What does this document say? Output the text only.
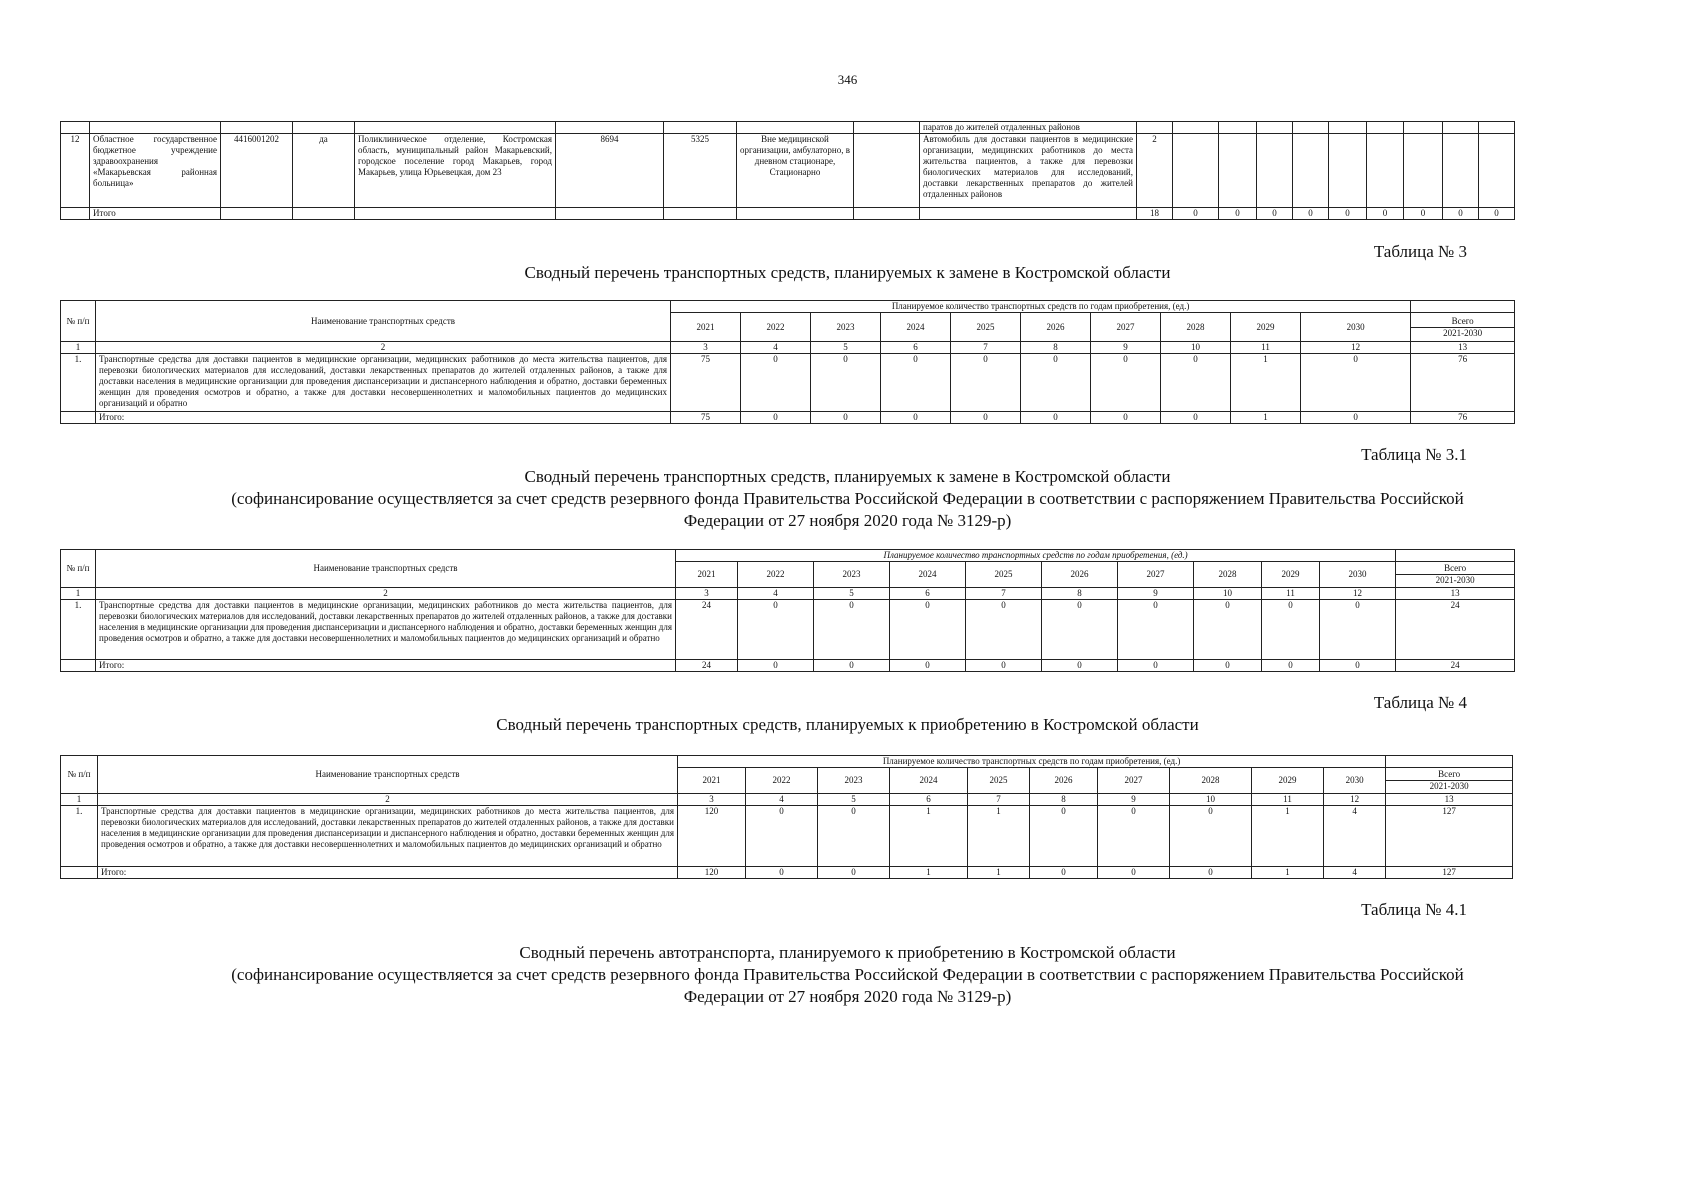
346
									паратов до жителей отдаленных районов										
12	Областное государственное бюджетное учреждение здравоохранения «Макарьевская районная больница»	4416001202	да	Поликлиническое отделение, Костромская область, муниципальный район Макарьевский, городское поселение город Макарьев, город Макарьев, улица Юрьевецкая, дом 23	8694	5325	Вне медицинской организации, амбулаторно, в дневном стационаре, Стационарно		Автомобиль для доставки пациентов в медицинские организации, медицинских работников до места жительства пациентов, а также для перевозки биологических материалов для исследований, доставки лекарственных препаратов до жителей отдаленных районов	2									
	Итого									18	0	0	0	0	0	0	0	0	0
Таблица № 3
Сводный перечень транспортных средств, планируемых к замене в Костромской области
№ п/п	Наименование транспортных средств	Планируемое количество транспортных средств по годам приобретения, (ед.)										
		2021	2022	2023	2024	2025	2026	2027	2028	2029	2030	Всего
2021-2030

1	2	3	4	5	6	7	8	9	10	11	12	13
1.	Транспортные средства для доставки пациентов в медицинские организации, медицинских работников до места жительства пациентов, для перевозки биологических материалов для исследований, доставки лекарственных препаратов до жителей отдаленных районов, а также для доставки населения в медицинские организации для проведения диспансеризации и диспансерного наблюдения и обратно, доставки беременных женщин для проведения осмотров и обратно, а также для доставки несовершеннолетних и маломобильных пациентов до медицинских организаций и обратно	75	0	0	0	0	0	0	0	1	0	76
	Итого:	75	0	0	0	0	0	0	0	1	0	76
Таблица № 3.1
Сводный перечень транспортных средств, планируемых к замене в Костромской области
(софинансирование осуществляется за счет средств резервного фонда Правительства Российской Федерации в соответствии с распоряжением Правительства Российской
Федерации от 27 ноября 2020 года № 3129-р)
№ п/п	Наименование транспортных средств	Планируемое количество транспортных средств по годам приобретения, (ед.)										
		2021	2022	2023	2024	2025	2026	2027	2028	2029	2030	Всего
2021-2030

1	2	3	4	5	6	7	8	9	10	11	12	13
1.	Транспортные средства для доставки пациентов в медицинские организации, медицинских работников до места жительства пациентов, для перевозки биологических материалов для исследований, доставки лекарственных препаратов до жителей отдаленных районов, а также для доставки населения в медицинские организации для проведения диспансеризации и диспансерного наблюдения и обратно, доставки беременных женщин для проведения осмотров и обратно, а также для доставки несовершеннолетних и маломобильных пациентов до медицинских организаций и обратно	24	0	0	0	0	0	0	0	0	0	24
	Итого:	24	0	0	0	0	0	0	0	0	0	24
Таблица № 4
Сводный перечень транспортных средств, планируемых к приобретению в Костромской области
№ п/п	Наименование транспортных средств	Планируемое количество транспортных средств по годам приобретения, (ед.)										
		2021	2022	2023	2024	2025	2026	2027	2028	2029	2030	Всего
2021-2030

1	2	3	4	5	6	7	8	9	10	11	12	13
1.	Транспортные средства для доставки пациентов в медицинские организации, медицинских работников до места жительства пациентов, для перевозки биологических материалов для исследований, доставки лекарственных препаратов до жителей отдаленных районов, а также для доставки населения в медицинские организации для проведения диспансеризации и диспансерного наблюдения и обратно, доставки беременных женщин для проведения осмотров и обратно, а также для доставки несовершеннолетних и маломобильных пациентов до медицинских организаций и обратно	120	0	0	1	1	0	0	0	1	4	127
	Итого:	120	0	0	1	1	0	0	0	1	4	127
Таблица № 4.1
Сводный перечень автотранспорта, планируемого к приобретению в Костромской области
(софинансирование осуществляется за счет средств резервного фонда Правительства Российской Федерации в соответствии с распоряжением Правительства Российской
Федерации от 27 ноября 2020 года № 3129-р)
